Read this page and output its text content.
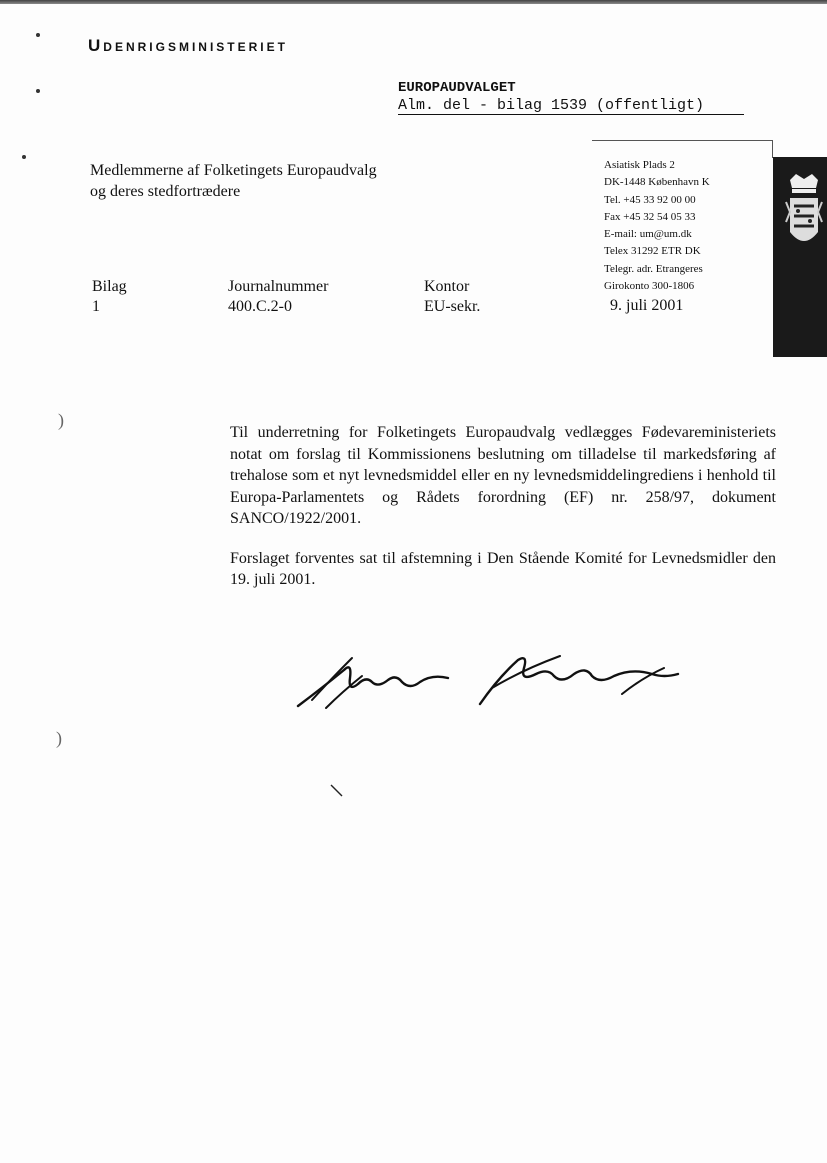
)
)
Udenrigsministeriet
EUROPAUDVALGET
Alm. del - bilag 1539 (offentligt)
Medlemmerne af Folketingets Europaudvalg
og deres stedfortrædere
Asiatisk Plads 2
DK-1448 København K
Tel. +45 33 92 00 00
Fax +45 32 54 05 33
E-mail: um@um.dk
Telex 31292 ETR DK
Telegr. adr. Etrangeres
Girokonto 300-1806
Bilag
1
Journalnummer
400.C.2-0
Kontor
EU-sekr.	9. juli 2001

Til underretning for Folketingets Europaudvalg vedlægges Fødevareministeriets notat om forslag til Kommissionens beslutning om tilladelse til markedsføring af trehalose som et nyt levnedsmiddel eller en ny levnedsmiddelingrediens i henhold til Europa-Parlamentets og Rådets forordning (EF) nr. 258/97, dokument SANCO/1922/2001.

Forslaget forventes sat til afstemning i Den Stående Komité for Levnedsmidler den 19. juli 2001.
